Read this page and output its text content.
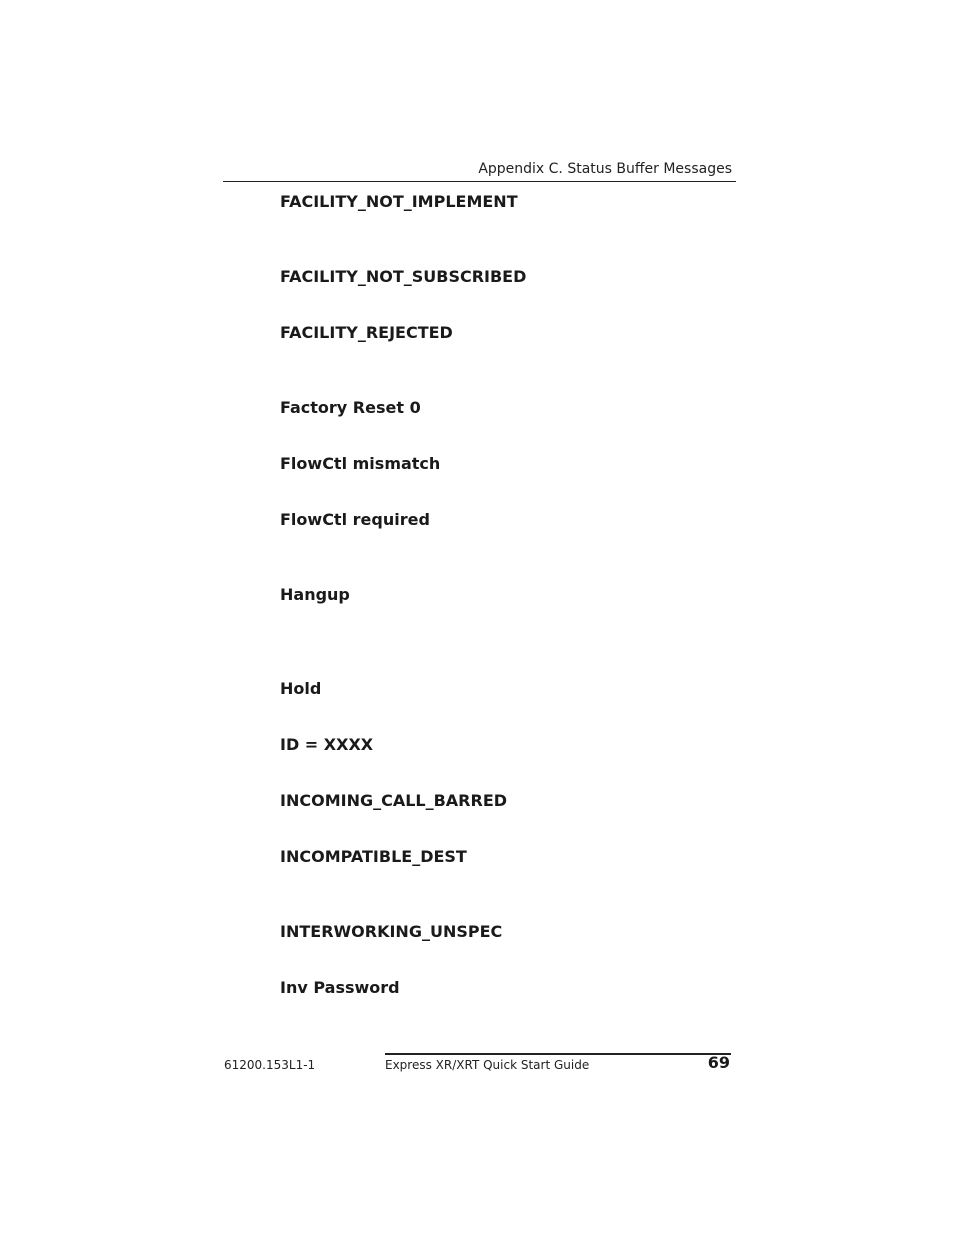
Appendix C. Status Buffer Messages
FACILITY_NOT_IMPLEMENT
FACILITY_NOT_SUBSCRIBED
FACILITY_REJECTED
Factory Reset 0
FlowCtl mismatch
FlowCtl required
Hangup
Hold
ID = XXXX
INCOMING_CALL_BARRED
INCOMPATIBLE_DEST
INTERWORKING_UNSPEC
Inv Password
61200.153L1-1	Express XR/XRT Quick Start Guide	69
